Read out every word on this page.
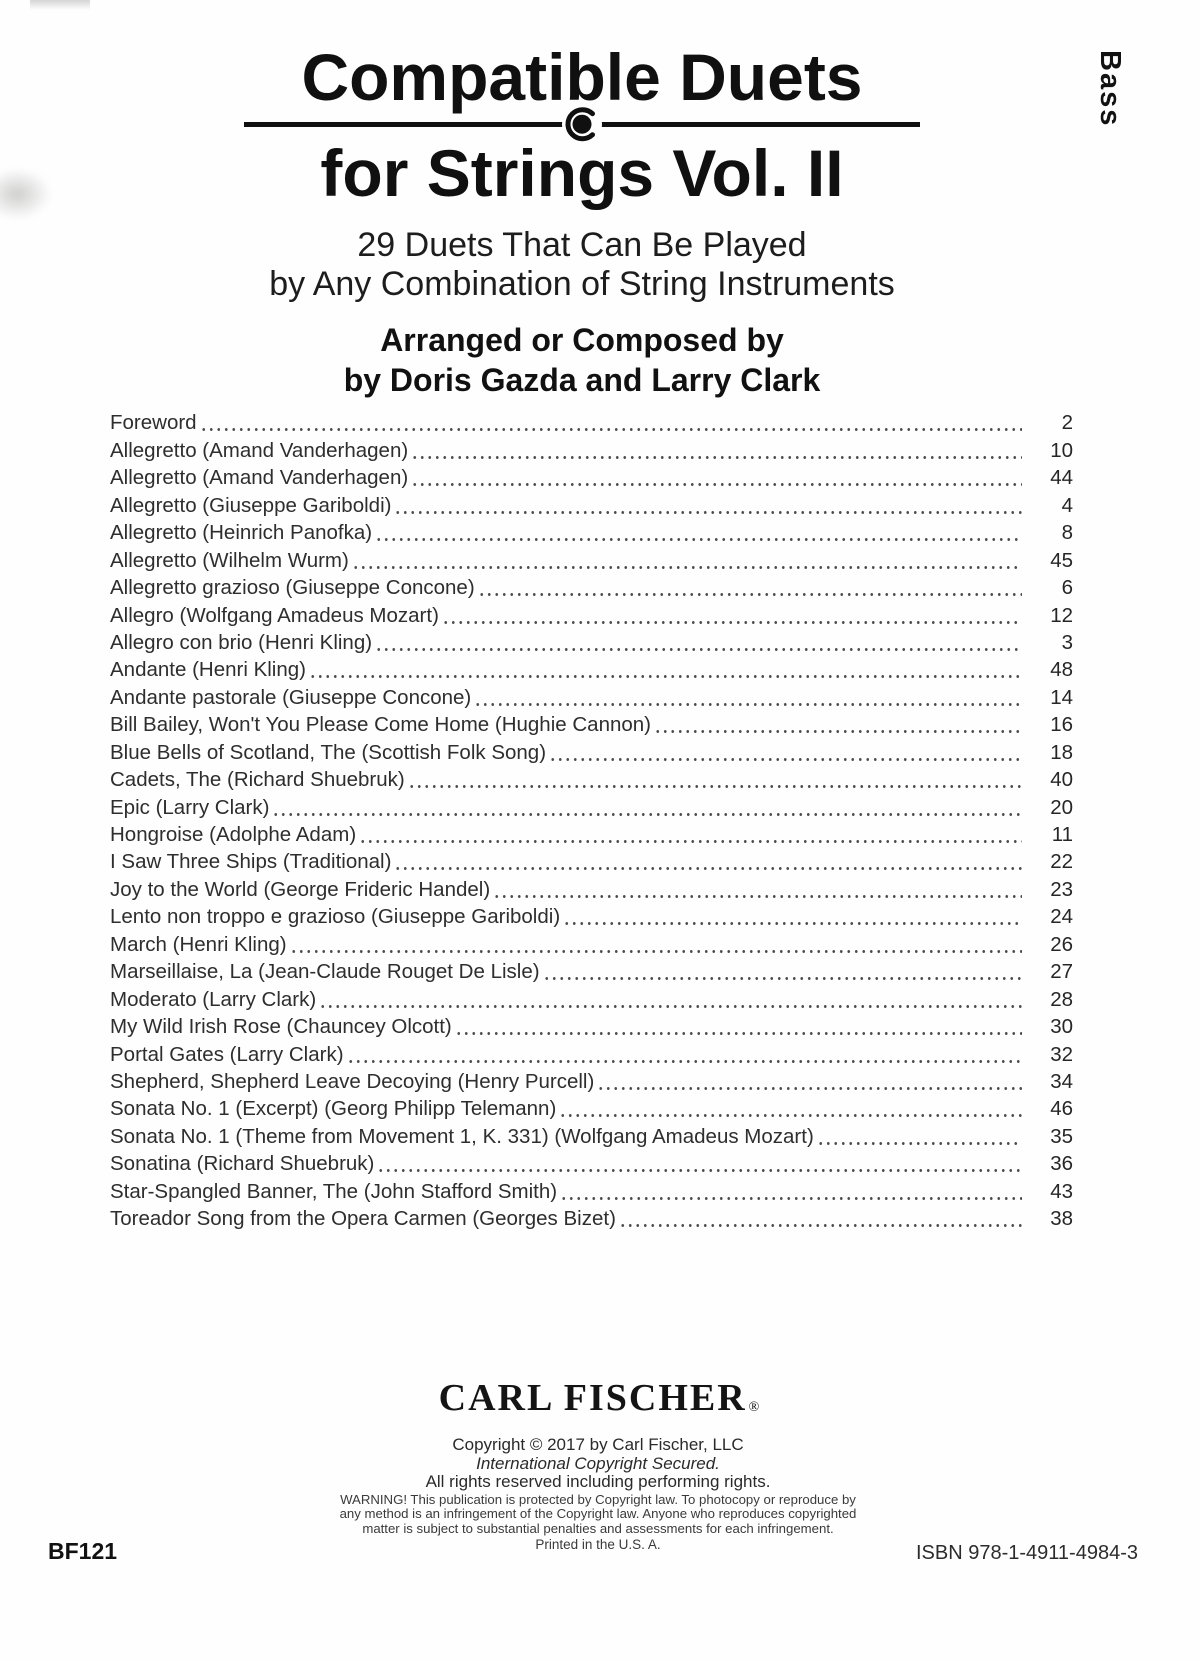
Bass
Compatible Duets
for Strings Vol. II
29 Duets That Can Be Played
by Any Combination of String Instruments
Arranged or Composed by
by Doris Gazda and Larry Clark
Foreword	2
Allegretto (Amand Vanderhagen)	10
Allegretto (Amand Vanderhagen)	44
Allegretto (Giuseppe Gariboldi)	4
Allegretto (Heinrich Panofka)	8
Allegretto (Wilhelm Wurm)	45
Allegretto grazioso (Giuseppe Concone)	6
Allegro (Wolfgang Amadeus Mozart)	12
Allegro con brio (Henri Kling)	3
Andante (Henri Kling)	48
Andante pastorale (Giuseppe Concone)	14
Bill Bailey, Won't You Please Come Home (Hughie Cannon)	16
Blue Bells of Scotland, The (Scottish Folk Song)	18
Cadets, The (Richard Shuebruk)	40
Epic (Larry Clark)	20
Hongroise (Adolphe Adam)	11
I Saw Three Ships (Traditional)	22
Joy to the World (George Frideric Handel)	23
Lento non troppo e grazioso (Giuseppe Gariboldi)	24
March (Henri Kling)	26
Marseillaise, La (Jean-Claude Rouget De Lisle)	27
Moderato (Larry Clark)	28
My Wild Irish Rose (Chauncey Olcott)	30
Portal Gates (Larry Clark)	32
Shepherd, Shepherd Leave Decoying (Henry Purcell)	34
Sonata No. 1 (Excerpt) (Georg Philipp Telemann)	46
Sonata No. 1 (Theme from Movement 1, K. 331) (Wolfgang Amadeus Mozart)	35
Sonatina (Richard Shuebruk)	36
Star-Spangled Banner, The (John Stafford Smith)	43
Toreador Song from the Opera Carmen (Georges Bizet)	38
CARL FISCHER ®
Copyright © 2017 by Carl Fischer, LLC
International Copyright Secured.
All rights reserved including performing rights.
WARNING! This publication is protected by Copyright law. To photocopy or reproduce by
any method is an infringement of the Copyright law. Anyone who reproduces copyrighted
matter is subject to substantial penalties and assessments for each infringement.
Printed in the U.S. A.
BF121	ISBN 978-1-4911-4984-3
